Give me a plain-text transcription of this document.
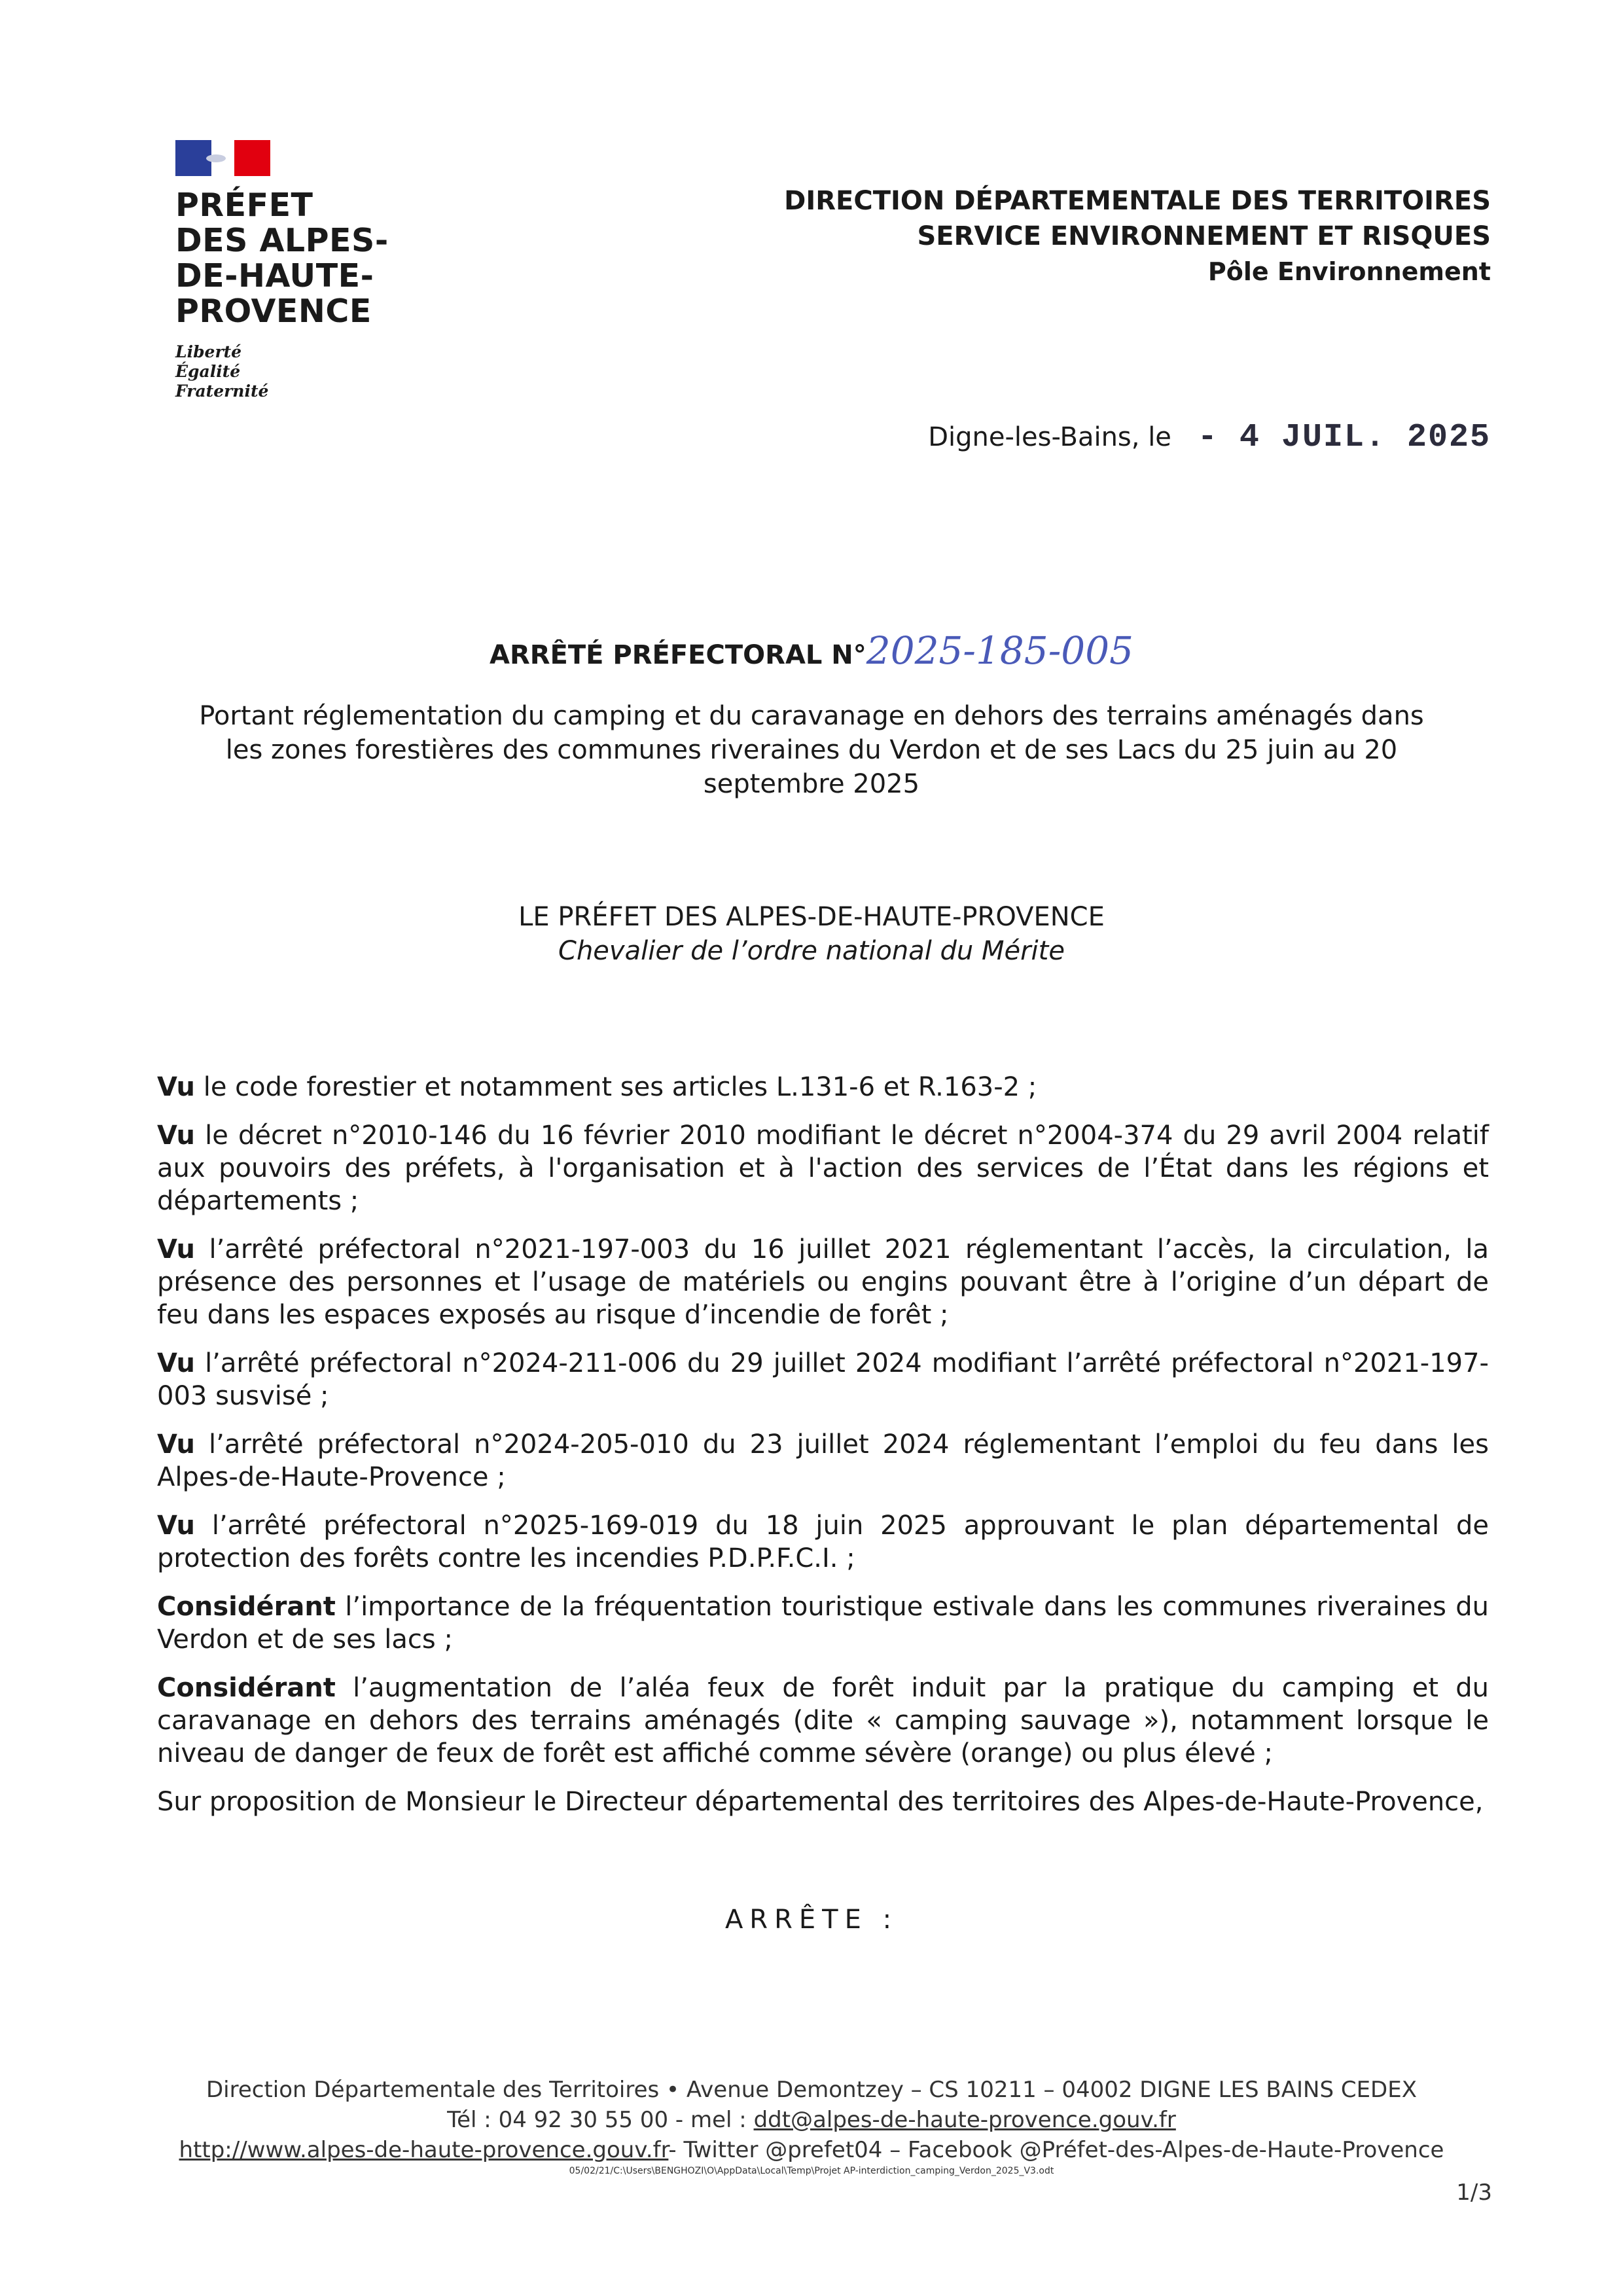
PRÉFET
DES ALPES-
DE-HAUTE-
PROVENCE
Liberté
Égalité
Fraternité
DIRECTION DÉPARTEMENTALE DES TERRITOIRES
SERVICE ENVIRONNEMENT ET RISQUES
Pôle Environnement
Digne-les-Bains, le - 4 JUIL. 2025
ARRÊTÉ PRÉFECTORAL N°2025-185-005
Portant réglementation du camping et du caravanage en dehors des terrains aménagés dans les zones forestières des communes riveraines du Verdon et de ses Lacs du 25 juin au 20 septembre 2025
LE PRÉFET DES ALPES-DE-HAUTE-PROVENCE
Chevalier de l’ordre national du Mérite

Vu le code forestier et notamment ses articles L.131-6 et R.163-2 ;

Vu le décret n°2010-146 du 16 février 2010 modifiant le décret n°2004-374 du 29 avril 2004 relatif aux pouvoirs des préfets, à l'organisation et à l'action des services de l’État dans les régions et départements ;

Vu l’arrêté préfectoral n°2021-197-003 du 16 juillet 2021 réglementant l’accès, la circulation, la présence des personnes et l’usage de matériels ou engins pouvant être à l’origine d’un départ de feu dans les espaces exposés au risque d’incendie de forêt ;

Vu l’arrêté préfectoral n°2024-211-006 du 29 juillet 2024 modifiant l’arrêté préfectoral n°2021-197-003 susvisé ;

Vu l’arrêté préfectoral n°2024-205-010 du 23 juillet 2024 réglementant l’emploi du feu dans les Alpes-de-Haute-Provence ;

Vu l’arrêté préfectoral n°2025-169-019 du 18 juin 2025 approuvant le plan départemental de protection des forêts contre les incendies P.D.P.F.C.I. ;

Considérant l’importance de la fréquentation touristique estivale dans les communes riveraines du Verdon et de ses lacs ;

Considérant l’augmentation de l’aléa feux de forêt induit par la pratique du camping et du caravanage en dehors des terrains aménagés (dite « camping sauvage »), notamment lorsque le niveau de danger de feux de forêt est affiché comme sévère (orange) ou plus élevé ;

Sur proposition de Monsieur le Directeur départemental des territoires des Alpes-de-Haute-Provence,

ARRÊTE :
Direction Départementale des Territoires • Avenue Demontzey – CS 10211 – 04002 DIGNE LES BAINS CEDEX
Tél : 04 92 30 55 00 - mel : ddt@alpes-de-haute-provence.gouv.fr
http://www.alpes-de-haute-provence.gouv.fr- Twitter @prefet04 – Facebook @Préfet-des-Alpes-de-Haute-Provence
05/02/21/C:\Users\BENGHOZI\O\AppData\Local\Temp\Projet AP-interdiction_camping_Verdon_2025_V3.odt
1/3
